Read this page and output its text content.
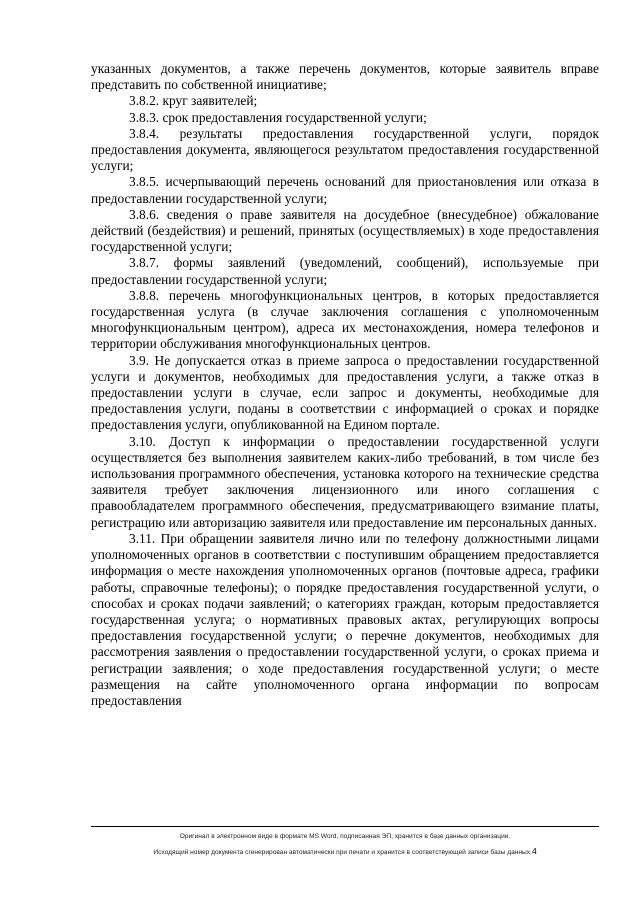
указанных документов, а также перечень документов, которые заявитель вправе представить по собственной инициативе;

3.8.2. круг заявителей;

3.8.3. срок предоставления государственной услуги;

3.8.4. результаты предоставления государственной услуги, порядок предоставления документа, являющегося результатом предоставления государственной услуги;

3.8.5. исчерпывающий перечень оснований для приостановления или отказа в предоставлении государственной услуги;

3.8.6. сведения о праве заявителя на досудебное (внесудебное) обжалование действий (бездействия) и решений, принятых (осуществляемых) в ходе предоставления государственной услуги;

3.8.7. формы заявлений (уведомлений, сообщений), используемые при предоставлении государственной услуги;

3.8.8. перечень многофункциональных центров, в которых предоставляется государственная услуга (в случае заключения соглашения с уполномоченным многофункциональным центром), адреса их местонахождения, номера телефонов и территории обслуживания многофункциональных центров.

3.9. Не допускается отказ в приеме запроса о предоставлении государственной услуги и документов, необходимых для предоставления услуги, а также отказ в предоставлении услуги в случае, если запрос и документы, необходимые для предоставления услуги, поданы в соответствии с информацией о сроках и порядке предоставления услуги, опубликованной на Едином портале.

3.10. Доступ к информации о предоставлении государственной услуги осуществляется без выполнения заявителем каких-либо требований, в том числе без использования программного обеспечения, установка которого на технические средства заявителя требует заключения лицензионного или иного соглашения с правообладателем программного обеспечения, предусматривающего взимание платы, регистрацию или авторизацию заявителя или предоставление им персональных данных.

3.11. При обращении заявителя лично или по телефону должностными лицами уполномоченных органов в соответствии с поступившим обращением предоставляется информация о месте нахождения уполномоченных органов (почтовые адреса, графики работы, справочные телефоны); о порядке предоставления государственной услуги, о способах и сроках подачи заявлений; о категориях граждан, которым предоставляется государственная услуга; о нормативных правовых актах, регулирующих вопросы предоставления государственной услуги; о перечне документов, необходимых для рассмотрения заявления о предоставлении государственной услуги, о сроках приема и регистрации заявления; о ходе предоставления государственной услуги; о месте размещения на сайте уполномоченного органа информации по вопросам предоставления

Оригинал в электронном виде в формате MS Word, подписанная ЭП, хранится в базе данных организации.
Исходящий номер документа сгенерирован автоматически при печати и хранится в соответствующей записи базы данных.4
